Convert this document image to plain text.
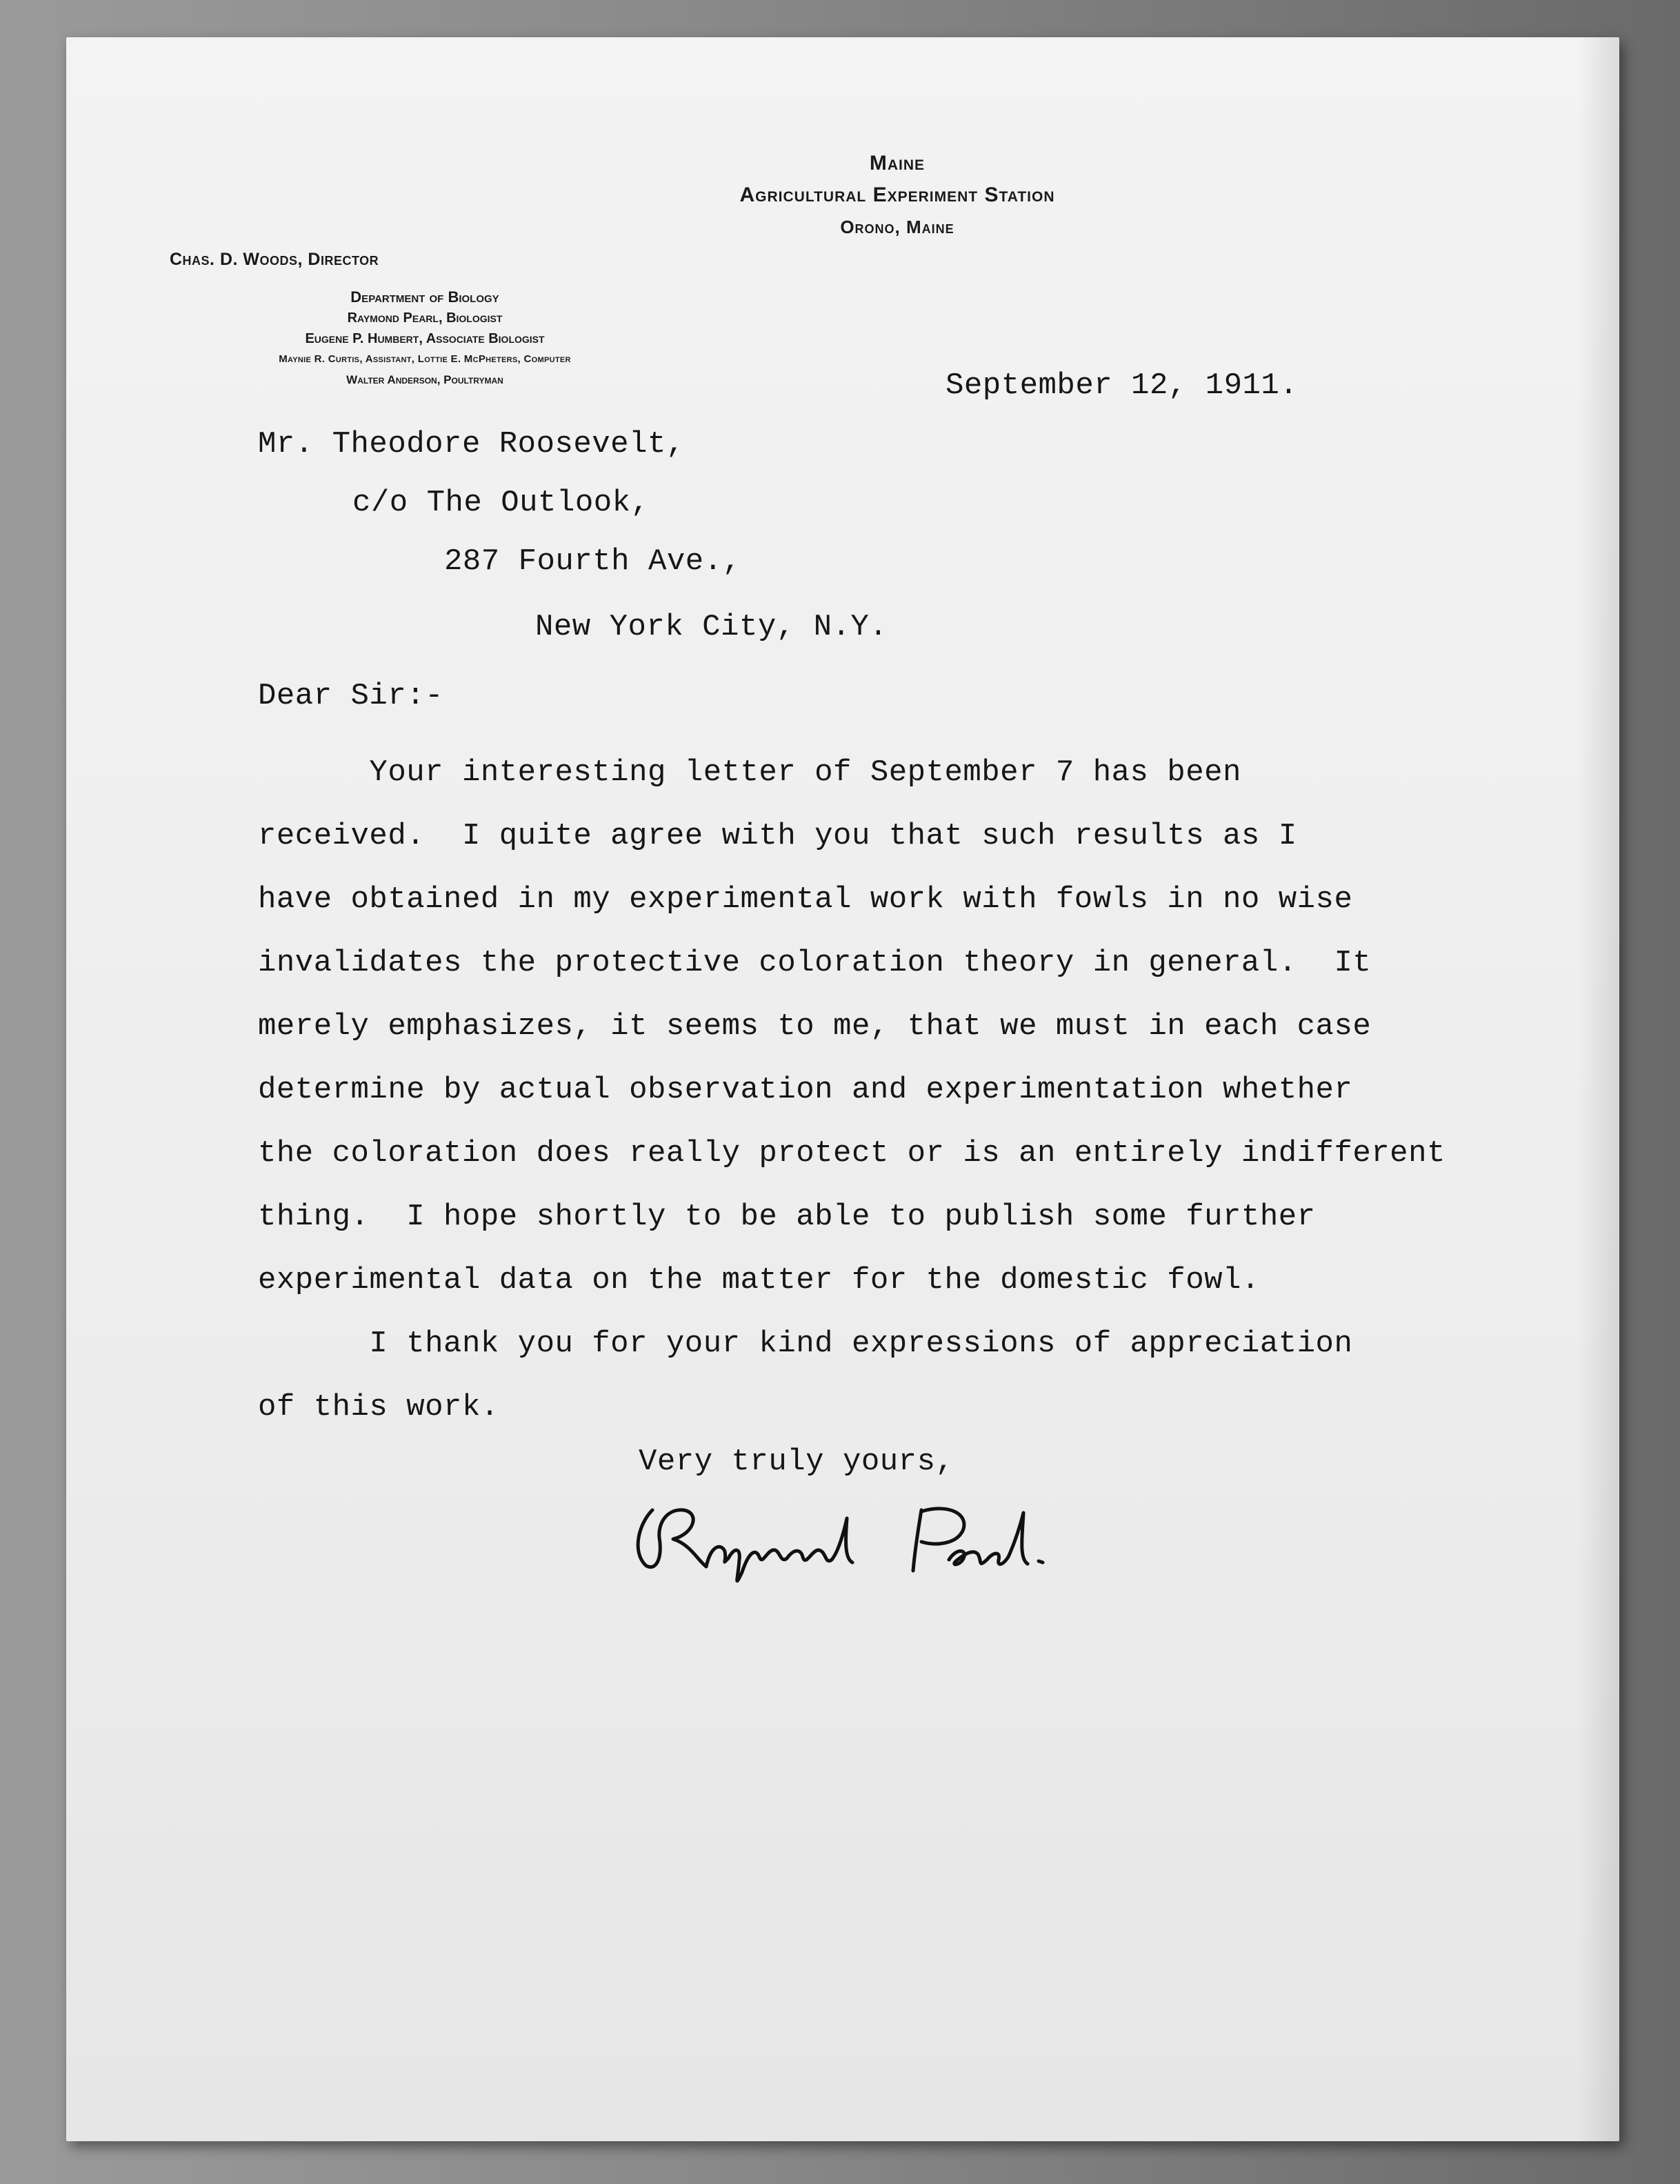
Maine
Agricultural Experiment Station
Orono, Maine
Chas. D. Woods, Director
Department of Biology
Raymond Pearl, Biologist
Eugene P. Humbert, Associate Biologist
Maynie R. Curtis, Assistant, Lottie E. McPheters, Computer
Walter Anderson, Poultryman	September 12, 1911.
Mr. Theodore Roosevelt,
c/o The Outlook,
287 Fourth Ave.,
New York City, N.Y.
Dear Sir:-
Your interesting letter of September 7 has been
received.  I quite agree with you that such results as I
have obtained in my experimental work with fowls in no wise
invalidates the protective coloration theory in general.  It
merely emphasizes, it seems to me, that we must in each case
determine by actual observation and experimentation whether
the coloration does really protect or is an entirely indifferent
thing.  I hope shortly to be able to publish some further
experimental data on the matter for the domestic fowl.
I thank you for your kind expressions of appreciation
of this work.
Very truly yours,
